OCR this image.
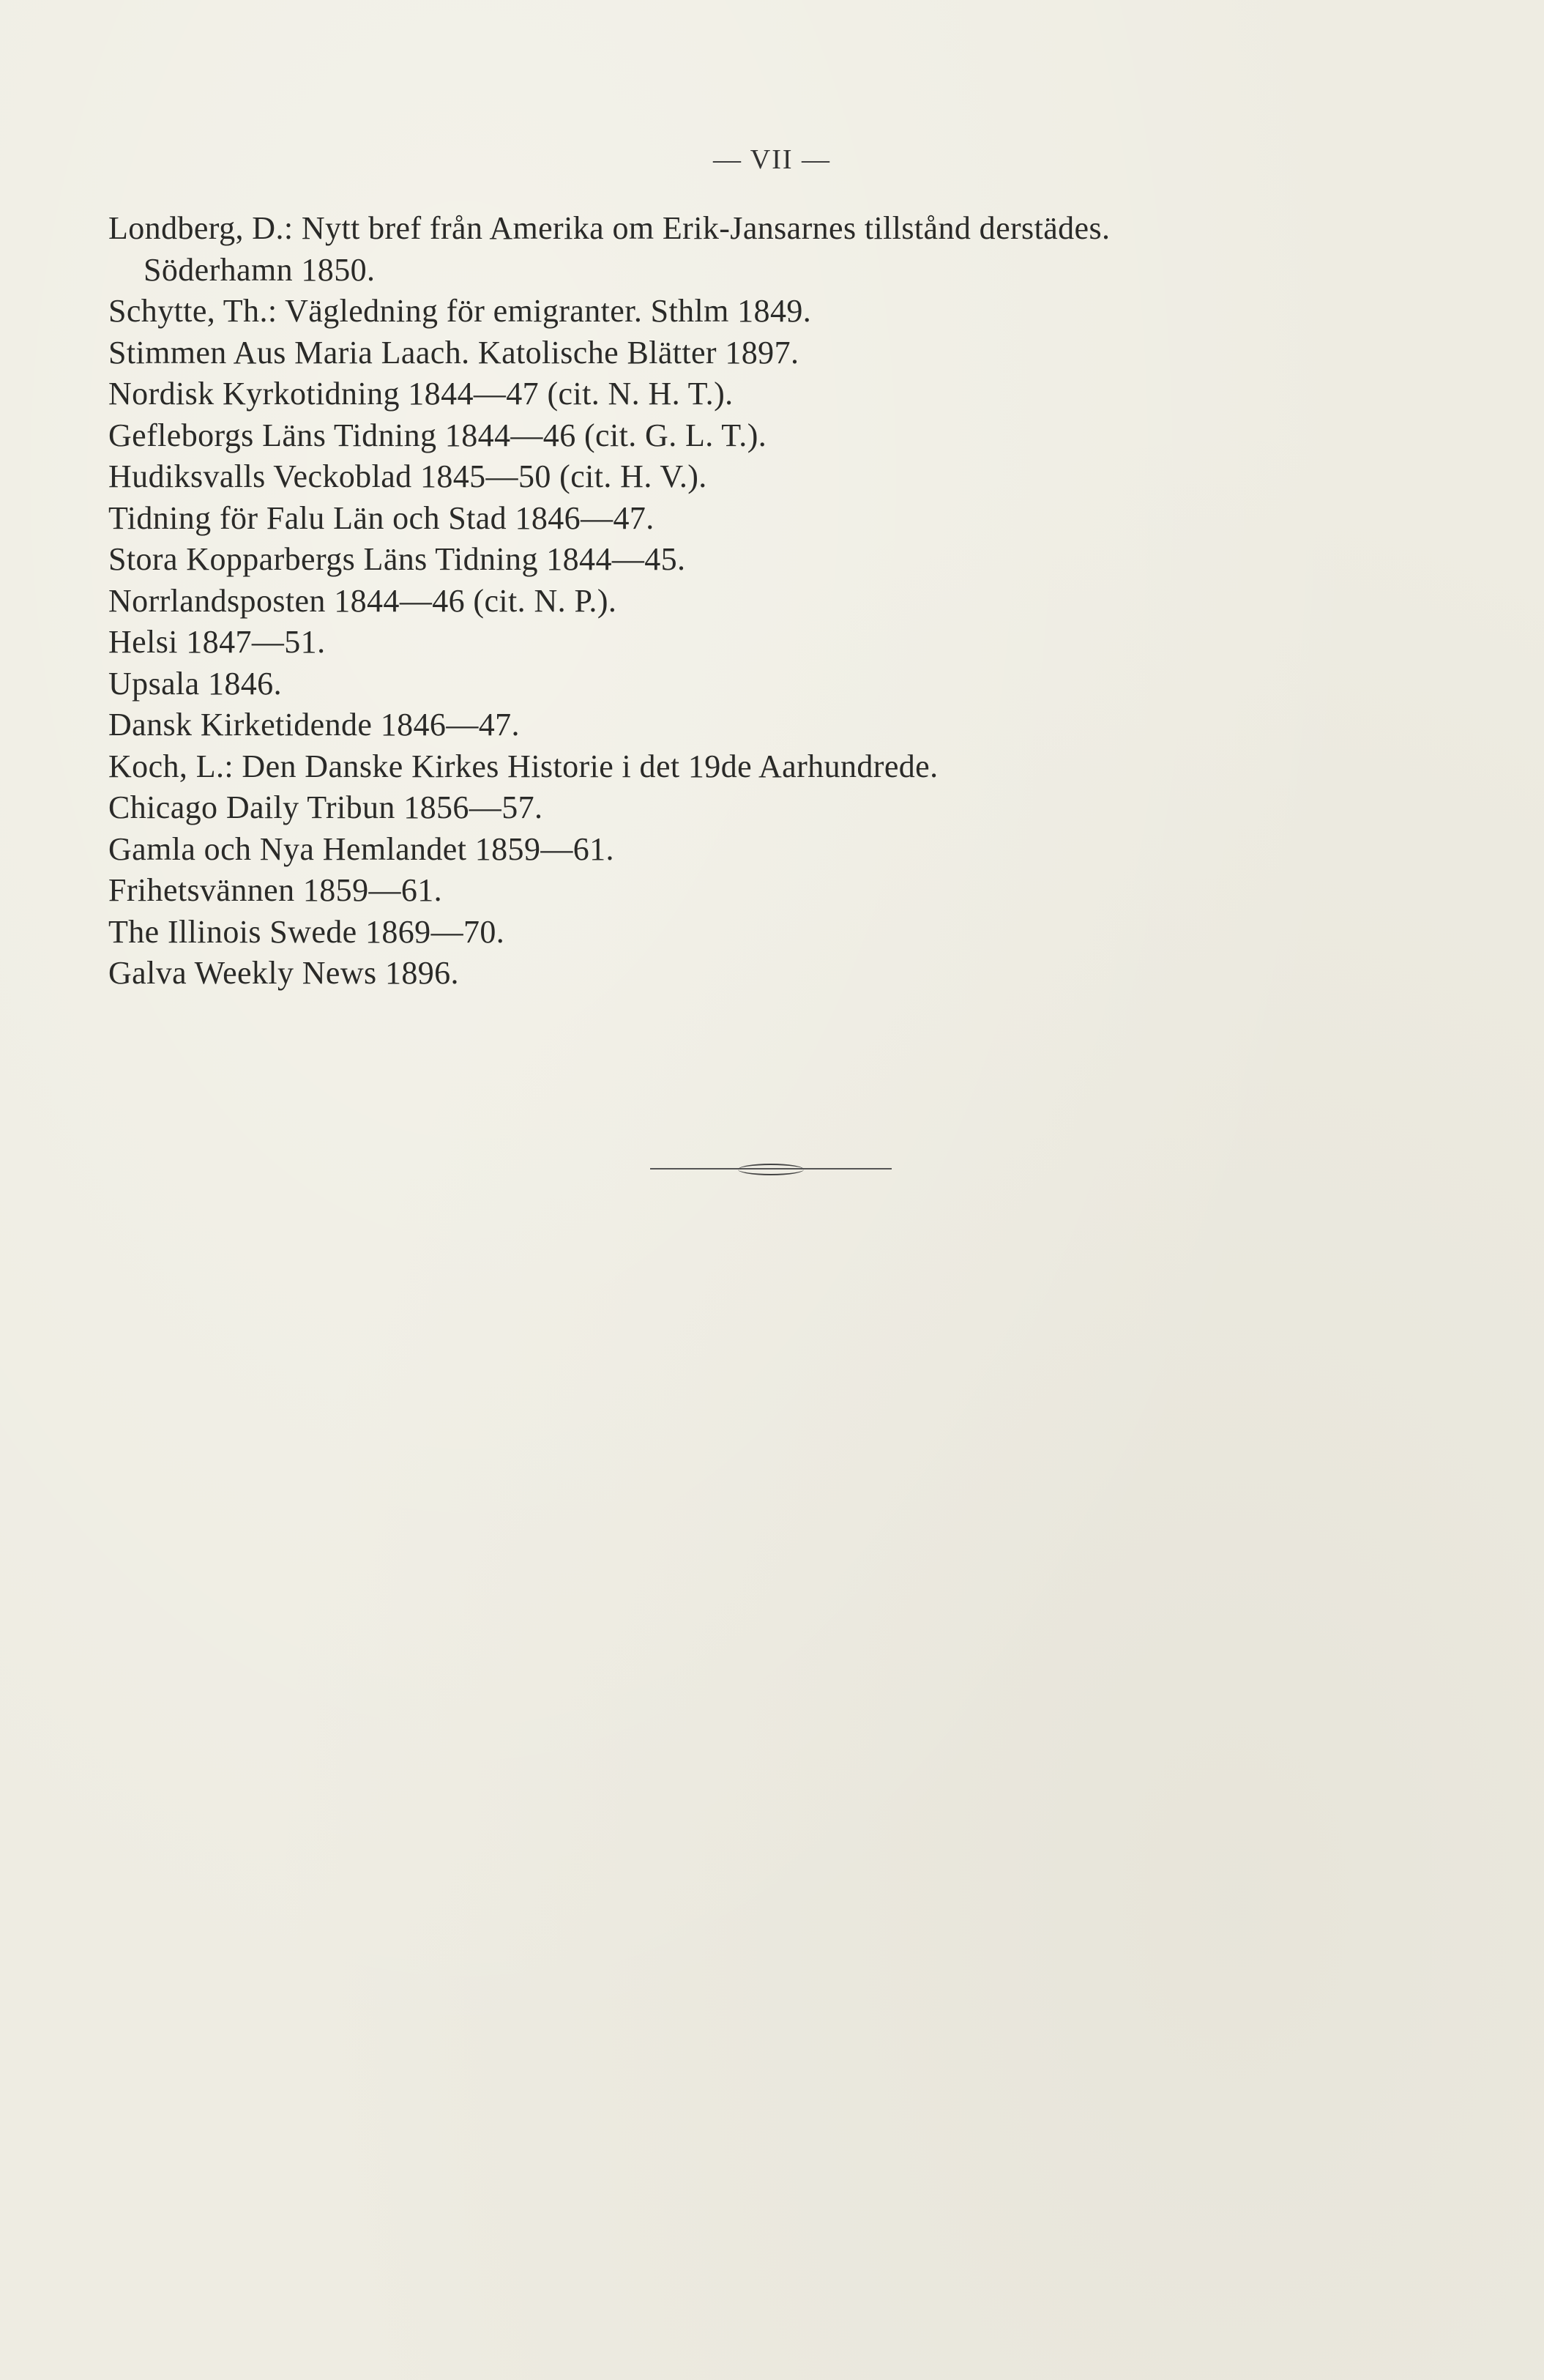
— VII —
Londberg, D.: Nytt bref från Amerika om Erik-Jansarnes tillstånd derstädes.
Söderhamn 1850.
Schytte, Th.: Vägledning för emigranter. Sthlm 1849.
Stimmen Aus Maria Laach. Katolische Blätter 1897.
Nordisk Kyrkotidning 1844—47 (cit. N. H. T.).
Gefleborgs Läns Tidning 1844—46 (cit. G. L. T.).
Hudiksvalls Veckoblad 1845—50 (cit. H. V.).
Tidning för Falu Län och Stad 1846—47.
Stora Kopparbergs Läns Tidning 1844—45.
Norrlandsposten 1844—46 (cit. N. P.).
Helsi 1847—51.
Upsala 1846.
Dansk Kirketidende 1846—47.
Koch, L.: Den Danske Kirkes Historie i det 19de Aarhundrede.
Chicago Daily Tribun 1856—57.
Gamla och Nya Hemlandet 1859—61.
Frihetsvännen 1859—61.
The Illinois Swede 1869—70.
Galva Weekly News 1896.
